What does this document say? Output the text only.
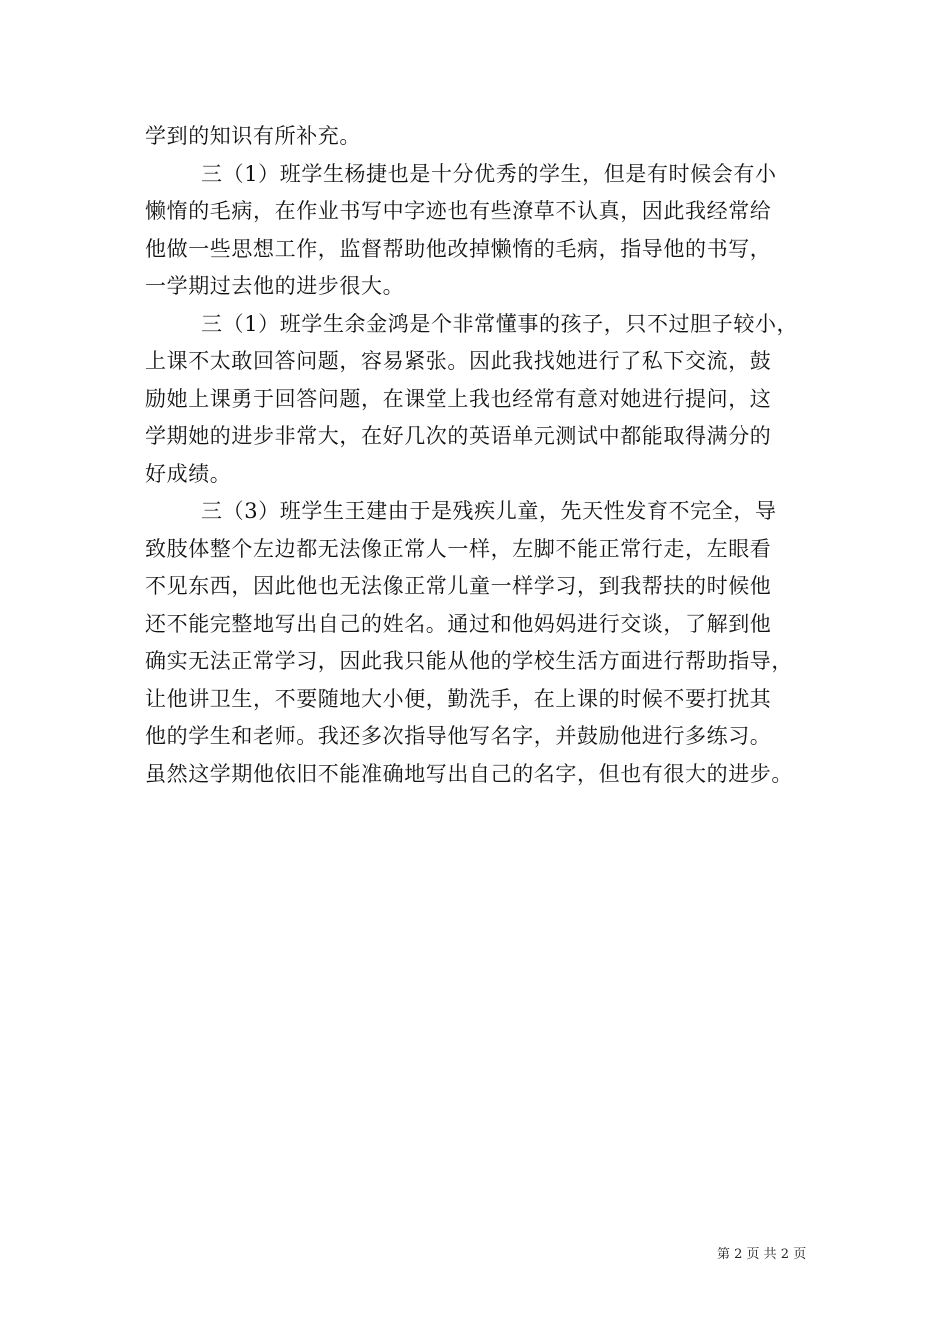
学到的知识有所补充。
三（1）班学生杨捷也是十分优秀的学生，但是有时候会有小
懒惰的毛病，在作业书写中字迹也有些潦草不认真，因此我经常给
他做一些思想工作，监督帮助他改掉懒惰的毛病，指导他的书写，
一学期过去他的进步很大。
三（1）班学生余金鸿是个非常懂事的孩子，只不过胆子较小，
上课不太敢回答问题，容易紧张。因此我找她进行了私下交流，鼓
励她上课勇于回答问题，在课堂上我也经常有意对她进行提问，这
学期她的进步非常大，在好几次的英语单元测试中都能取得满分的
好成绩。
三（3）班学生王建由于是残疾儿童，先天性发育不完全，导
致肢体整个左边都无法像正常人一样，左脚不能正常行走，左眼看
不见东西，因此他也无法像正常儿童一样学习，到我帮扶的时候他
还不能完整地写出自己的姓名。通过和他妈妈进行交谈，了解到他
确实无法正常学习，因此我只能从他的学校生活方面进行帮助指导，
让他讲卫生，不要随地大小便，勤洗手，在上课的时候不要打扰其
他的学生和老师。我还多次指导他写名字，并鼓励他进行多练习。
虽然这学期他依旧不能准确地写出自己的名字，但也有很大的进步。
第 2 页 共 2 页
